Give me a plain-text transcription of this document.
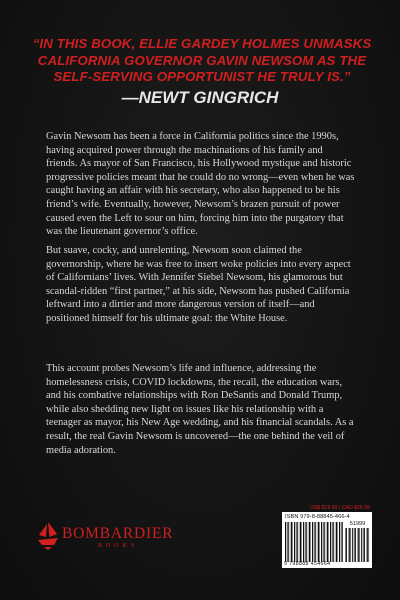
“IN THIS BOOK, ELLIE GARDEY HOLMES UNMASKS CALIFORNIA GOVERNOR GAVIN NEWSOM AS THE SELF-SERVING OPPORTUNIST HE TRULY IS.”

—NEWT GINGRICH

Gavin Newsom has been a force in California politics since the 1990s, having acquired power through the machinations of his family and friends. As mayor of San Francisco, his Hollywood mystique and historic progressive policies meant that he could do no wrong—even when he was caught having an affair with his secretary, who also happened to be his friend’s wife. Eventually, however, Newsom’s brazen pursuit of power caused even the Left to sour on him, forcing him into the purgatory that was the lieutenant governor’s office.

But suave, cocky, and unrelenting, Newsom soon claimed the governorship, where he was free to insert woke policies into every aspect of Californians’ lives. With Jennifer Siebel Newsom, his glamorous but scandal-ridden “first partner,” at his side, Newsom has pushed California leftward into a dirtier and more dangerous version of itself—and positioned himself for his ultimate goal: the White House.

This account probes Newsom’s life and influence, addressing the homelessness crisis, COVID lockdowns, the recall, the education wars, and his combative relationships with Ron DeSantis and Donald Trump, while also shedding new light on issues like his relationship with a teenager as mayor, his New Age wedding, and his financial scandals. As a result, the real Gavin Newsom is uncovered—the one behind the veil of media adoration.

BOMBARDIER
BOOKS
US$ $19.99 / CAD $26.99
ISBN 979-8-88845-466-4
51999
9 798888 454664
